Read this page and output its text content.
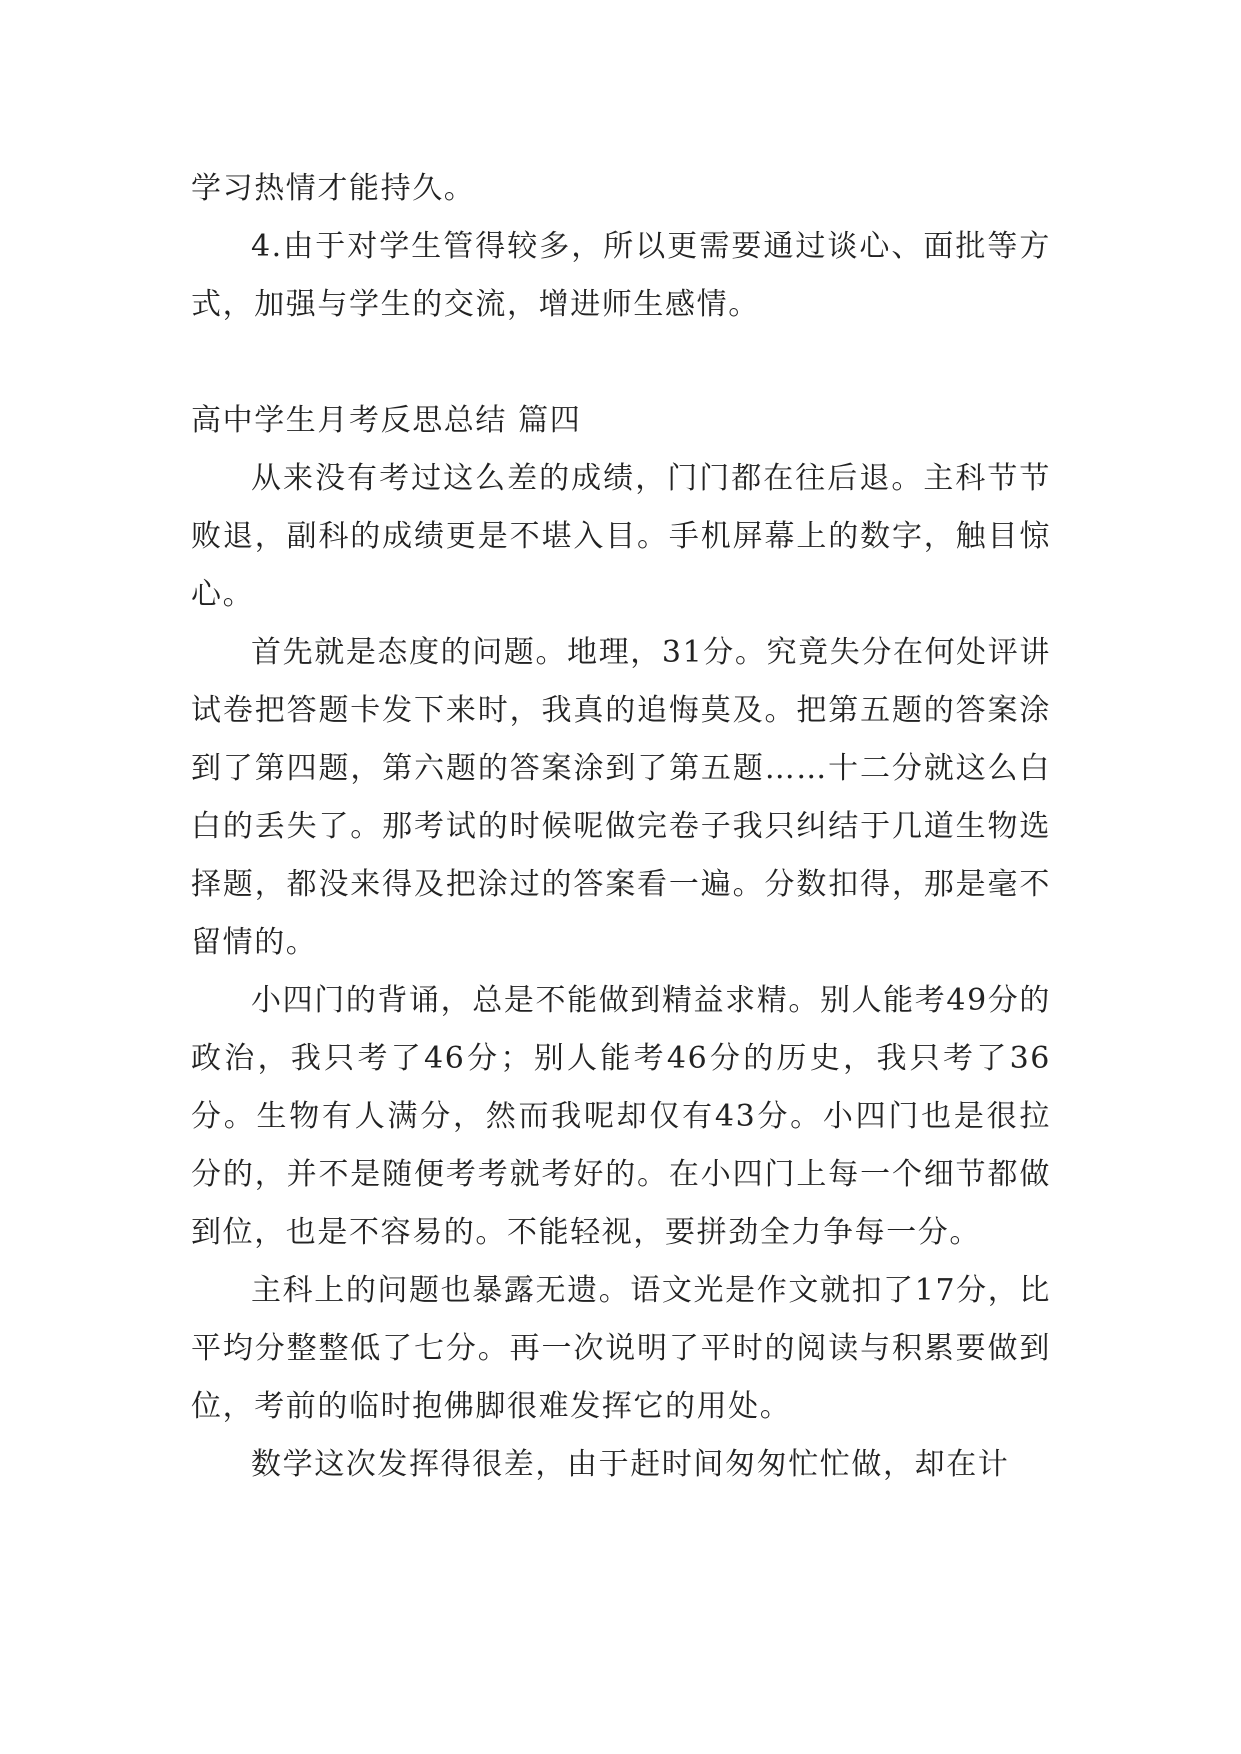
学习热情才能持久。

4.由于对学生管得较多，所以更需要通过谈心、面批等方式，加强与学生的交流，增进师生感情。

高中学生月考反思总结 篇四

从来没有考过这么差的成绩，门门都在往后退。主科节节败退，副科的成绩更是不堪入目。手机屏幕上的数字，触目惊心。

首先就是态度的问题。地理，31分。究竟失分在何处评讲试卷把答题卡发下来时，我真的追悔莫及。把第五题的答案涂到了第四题，第六题的答案涂到了第五题……十二分就这么白白的丢失了。那考试的时候呢做完卷子我只纠结于几道生物选择题，都没来得及把涂过的答案看一遍。分数扣得，那是毫不留情的。

小四门的背诵，总是不能做到精益求精。别人能考49分的政治，我只考了46分；别人能考46分的历史，我只考了36分。生物有人满分，然而我呢却仅有43分。小四门也是很拉分的，并不是随便考考就考好的。在小四门上每一个细节都做到位，也是不容易的。不能轻视，要拼劲全力争每一分。

主科上的问题也暴露无遗。语文光是作文就扣了17分，比平均分整整低了七分。再一次说明了平时的阅读与积累要做到位，考前的临时抱佛脚很难发挥它的用处。

数学这次发挥得很差，由于赶时间匆匆忙忙做，却在计
